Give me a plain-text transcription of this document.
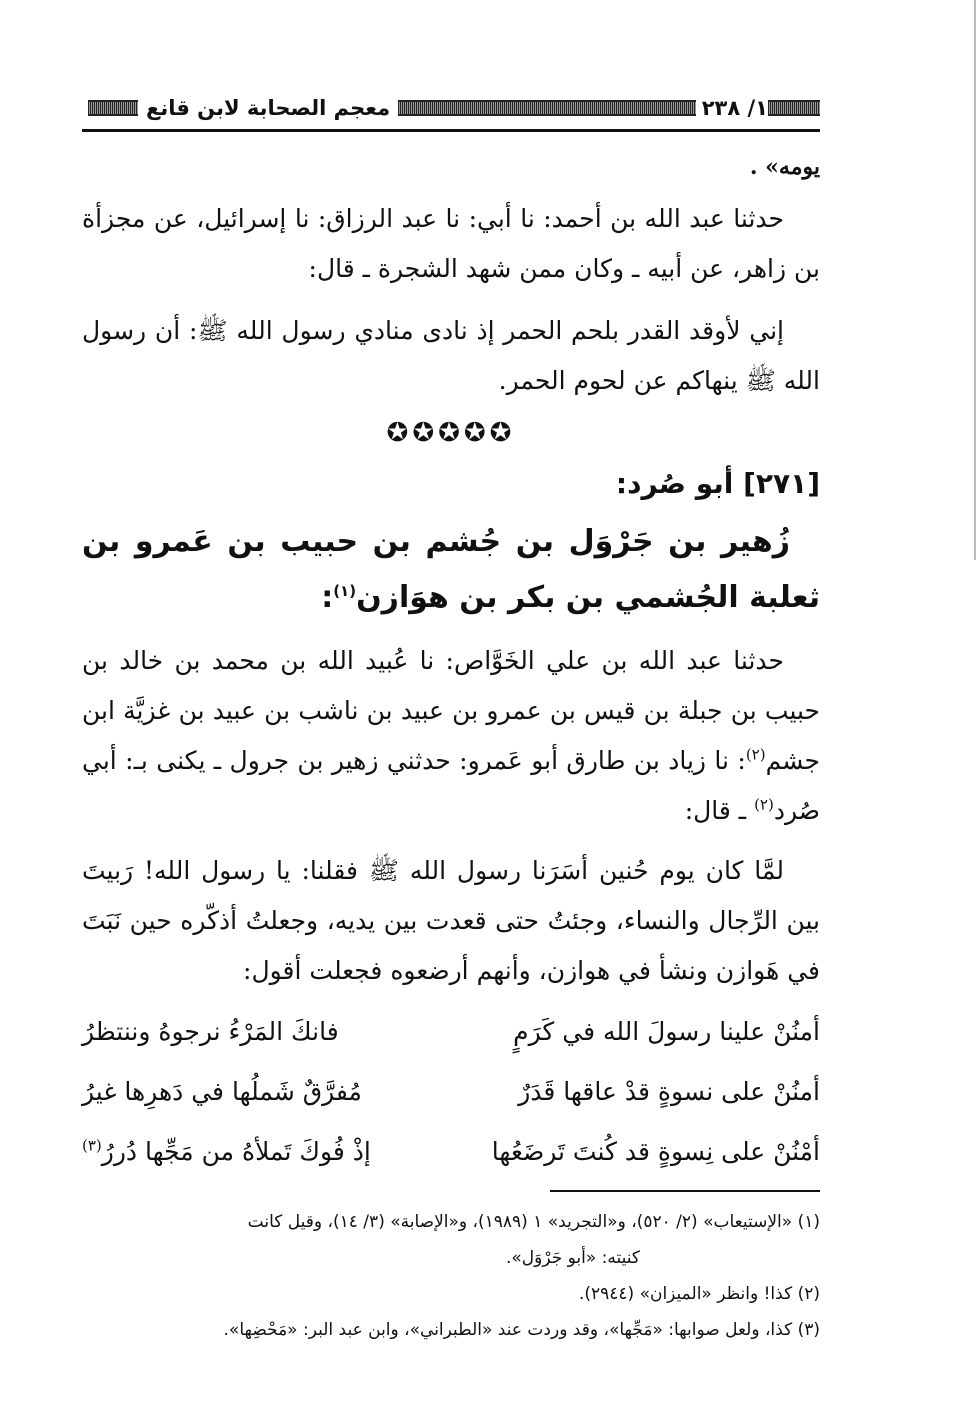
١/ ٢٣٨
معجم الصحابة لابن قانع

يومه» .

حدثنا عبد الله بن أحمد: نا أبي: نا عبد الرزاق: نا إسرائيل، عن مجزأة بن زاهر، عن أبيه ـ وكان ممن شهد الشجرة ـ قال:

إني لأوقد القدر بلحم الحمر إذ نادى منادي رسول الله ﷺ: أن رسول الله ﷺ ينهاكم عن لحوم الحمر.

✪✪✪✪✪

[٢٧١] أبو صُرد:

زُهير بن جَرْوَل بن جُشم بن حبيب بن عَمرو بن ثعلبة الجُشمي بن بكر بن هوَازن$^{(١)}$:

حدثنا عبد الله بن علي الخَوَّاص: نا عُبيد الله بن محمد بن خالد بن حبيب بن جبلة بن قيس بن عمرو بن عبيد بن ناشب بن عبيد بن غزيَّة ابن جشم$^{(٢)}$: نا زياد بن طارق أبو عَمرو: حدثني زهير بن جرول ـ يكنى بـ: أبي صُرد$^{(٢)}$ ـ قال:

لمَّا كان يوم حُنين أسَرَنا رسول الله ﷺ فقلنا: يا رسول الله! رَبيتَ بين الرِّجال والنساء، وجئتُ حتى قعدت بين يديه، وجعلتُ أذكّره حين نَبَتَ في هَوازن ونشأ في هوازن، وأنهم أرضعوه فجعلت أقول:

أمنُنْ علينا رسولَ الله في كَرَمٍ
فانكَ المَرْءُ نرجوهُ وننتظرُ
أمنُنْ على نسوةٍ قدْ عاقها قَدَرٌ
مُفرَّقٌ شَملُها في دَهرِها غيرُ
أمْنُنْ على نِسوةٍ قد كُنتَ تَرضَعُها
إذْ فُوكَ تَملأهُ من مَجِّها دُررُ$^{(٣)}$

(١) «الإستيعاب» (٢/ ٥٢٠)، و«التجريد» ١ (١٩٨٩)، و«الإصابة» (٣/ ١٤)، وقيل كانت

كنيته: «أبو جَرْوَل».

(٢) كذا! وانظر «الميزان» (٢٩٤٤).

(٣) كذا، ولعل صوابها: «مَجِّها»، وقد وردت عند «الطبراني»، وابن عبد البر: «مَحْضِها».
